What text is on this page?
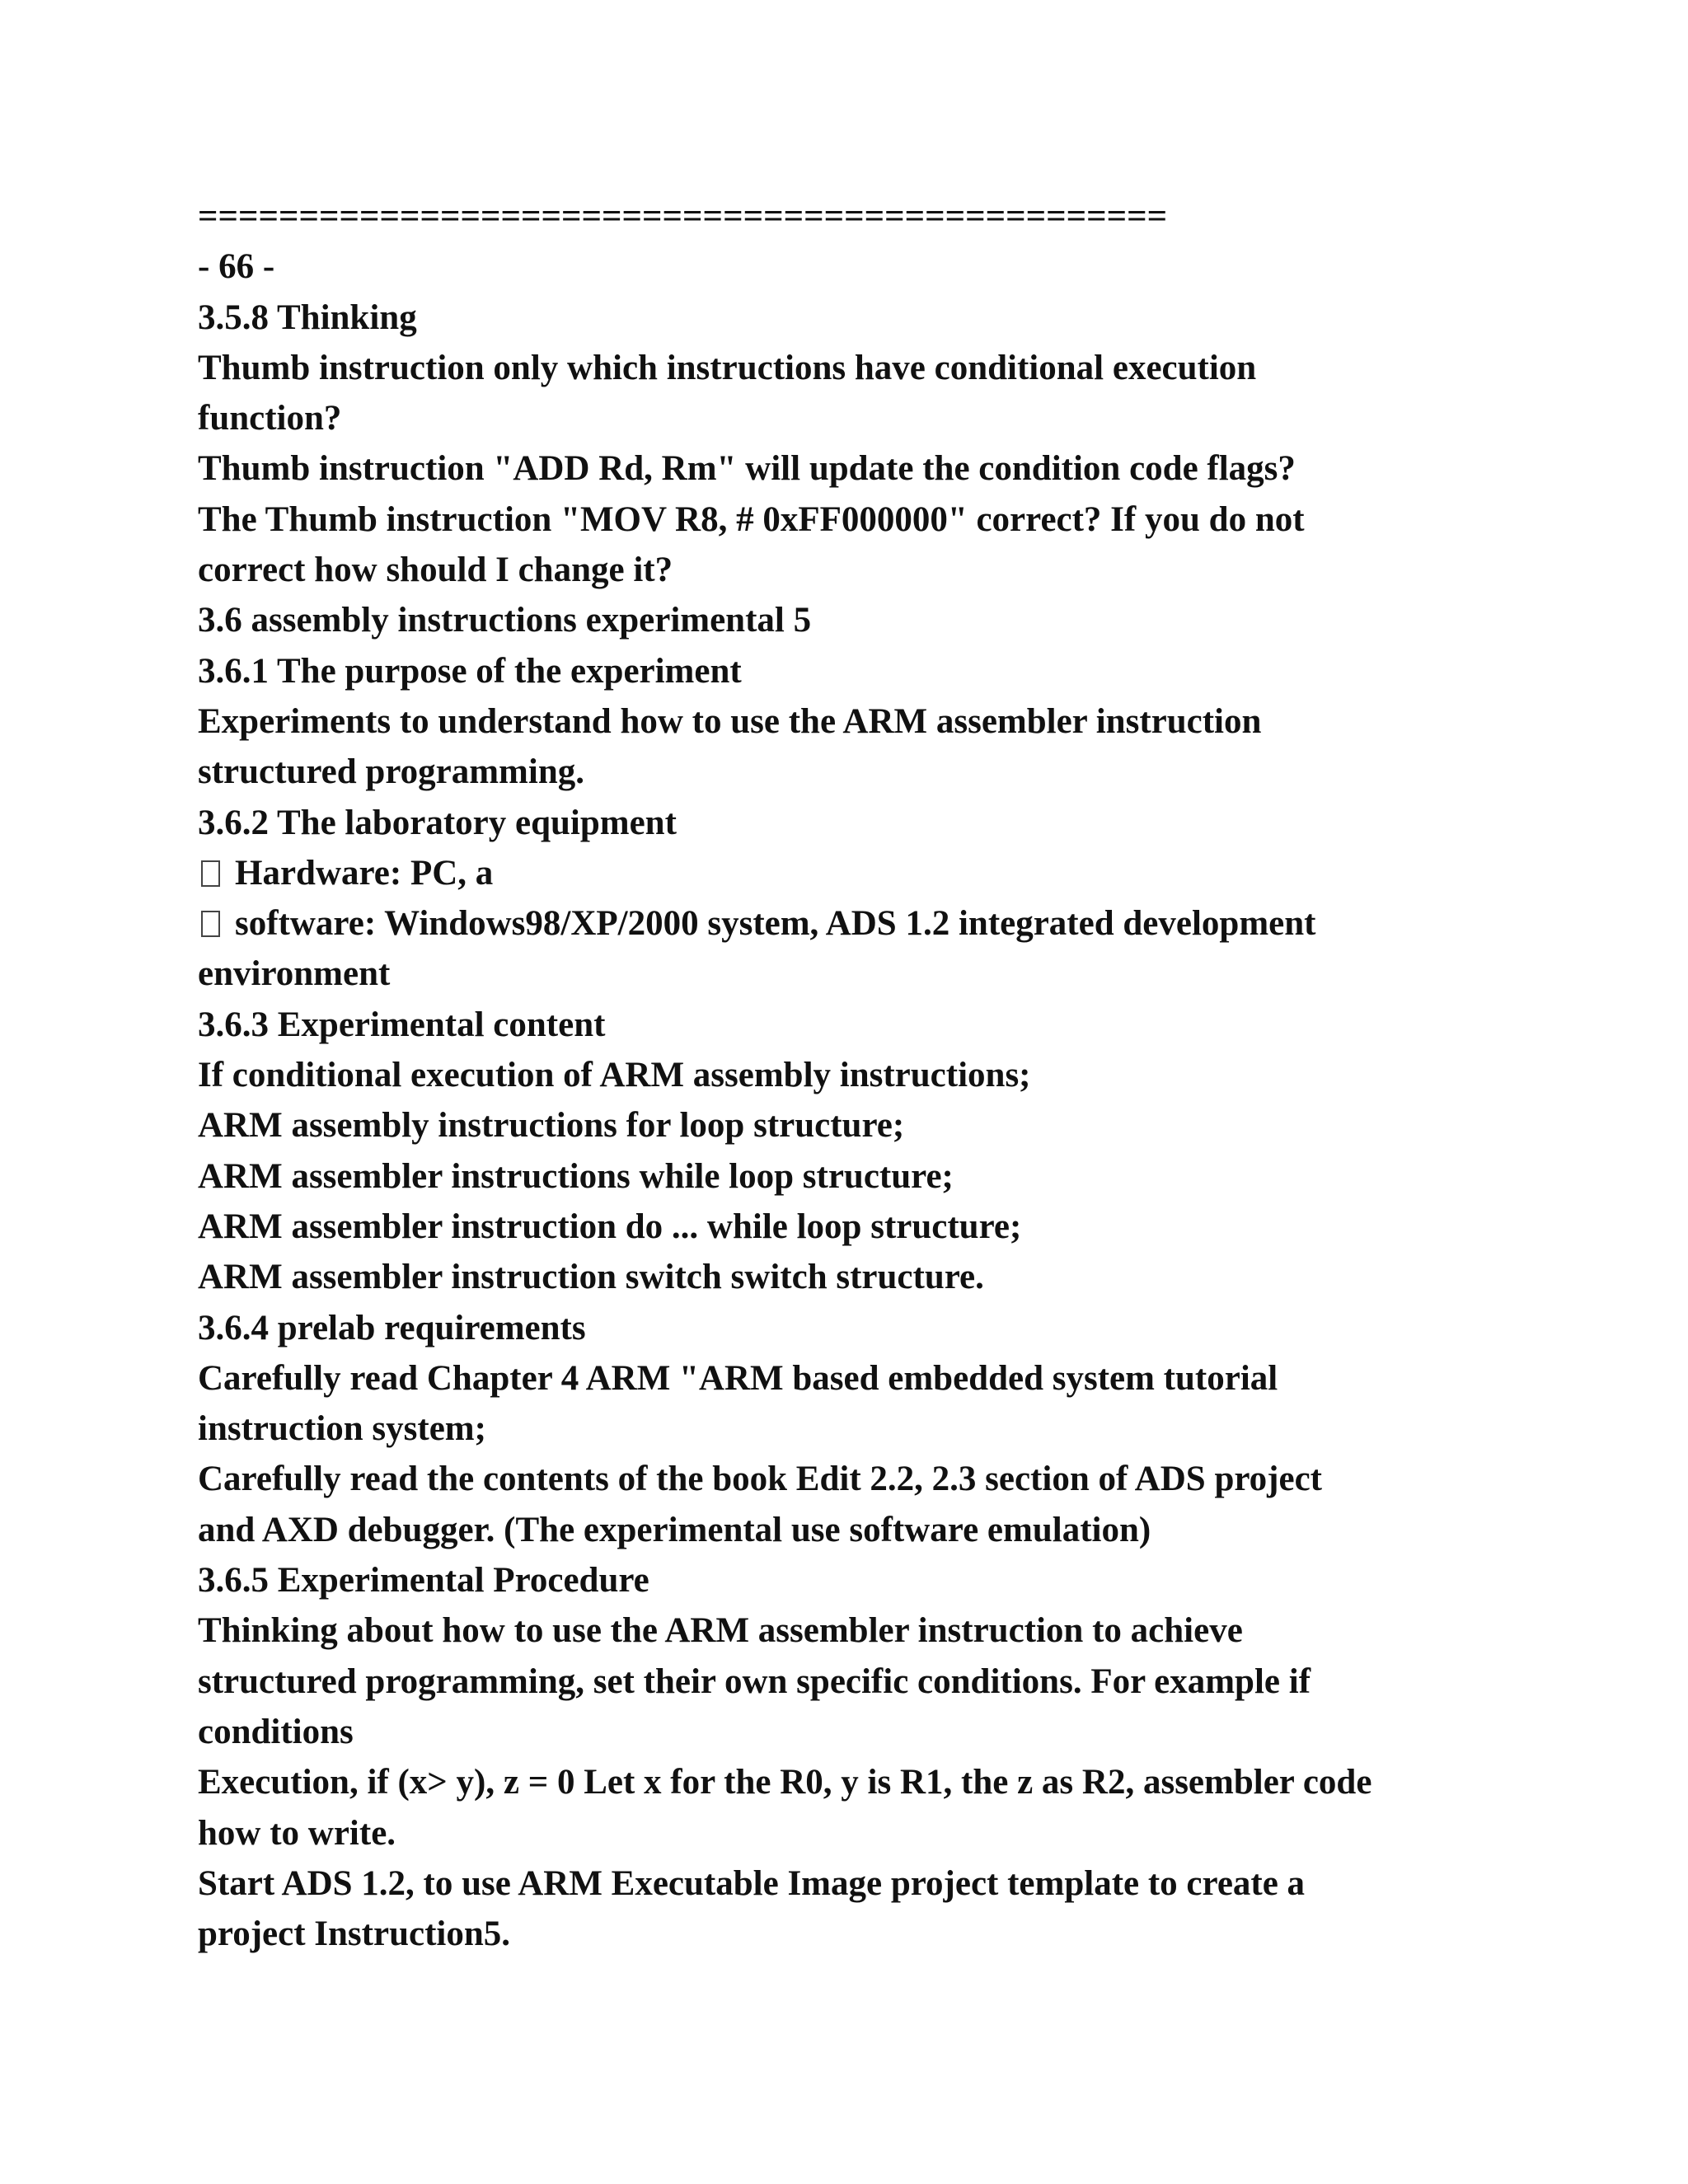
================================================
- 66 -
3.5.8 Thinking
Thumb instruction only which instructions have conditional execution
function?
Thumb instruction "ADD Rd, Rm" will update the condition code flags?
The Thumb instruction "MOV R8, # 0xFF000000" correct? If you do not
correct how should I change it?
3.6 assembly instructions experimental 5
3.6.1 The purpose of the experiment
Experiments to understand how to use the ARM assembler instruction
structured programming.
3.6.2 The laboratory equipment
Hardware: PC, a
software: Windows98/XP/2000 system, ADS 1.2 integrated development
environment
3.6.3 Experimental content
If conditional execution of ARM assembly instructions;
ARM assembly instructions for loop structure;
ARM assembler instructions while loop structure;
ARM assembler instruction do ... while loop structure;
ARM assembler instruction switch switch structure.
3.6.4 prelab requirements
Carefully read Chapter 4 ARM "ARM based embedded system tutorial
instruction system;
Carefully read the contents of the book Edit 2.2, 2.3 section of ADS project
and AXD debugger. (The experimental use software emulation)
3.6.5 Experimental Procedure
Thinking about how to use the ARM assembler instruction to achieve
structured programming, set their own specific conditions. For example if
conditions
Execution, if (x> y), z = 0 Let x for the R0, y is R1, the z as R2, assembler code
how to write.
Start ADS 1.2, to use ARM Executable Image project template to create a
project Instruction5.
